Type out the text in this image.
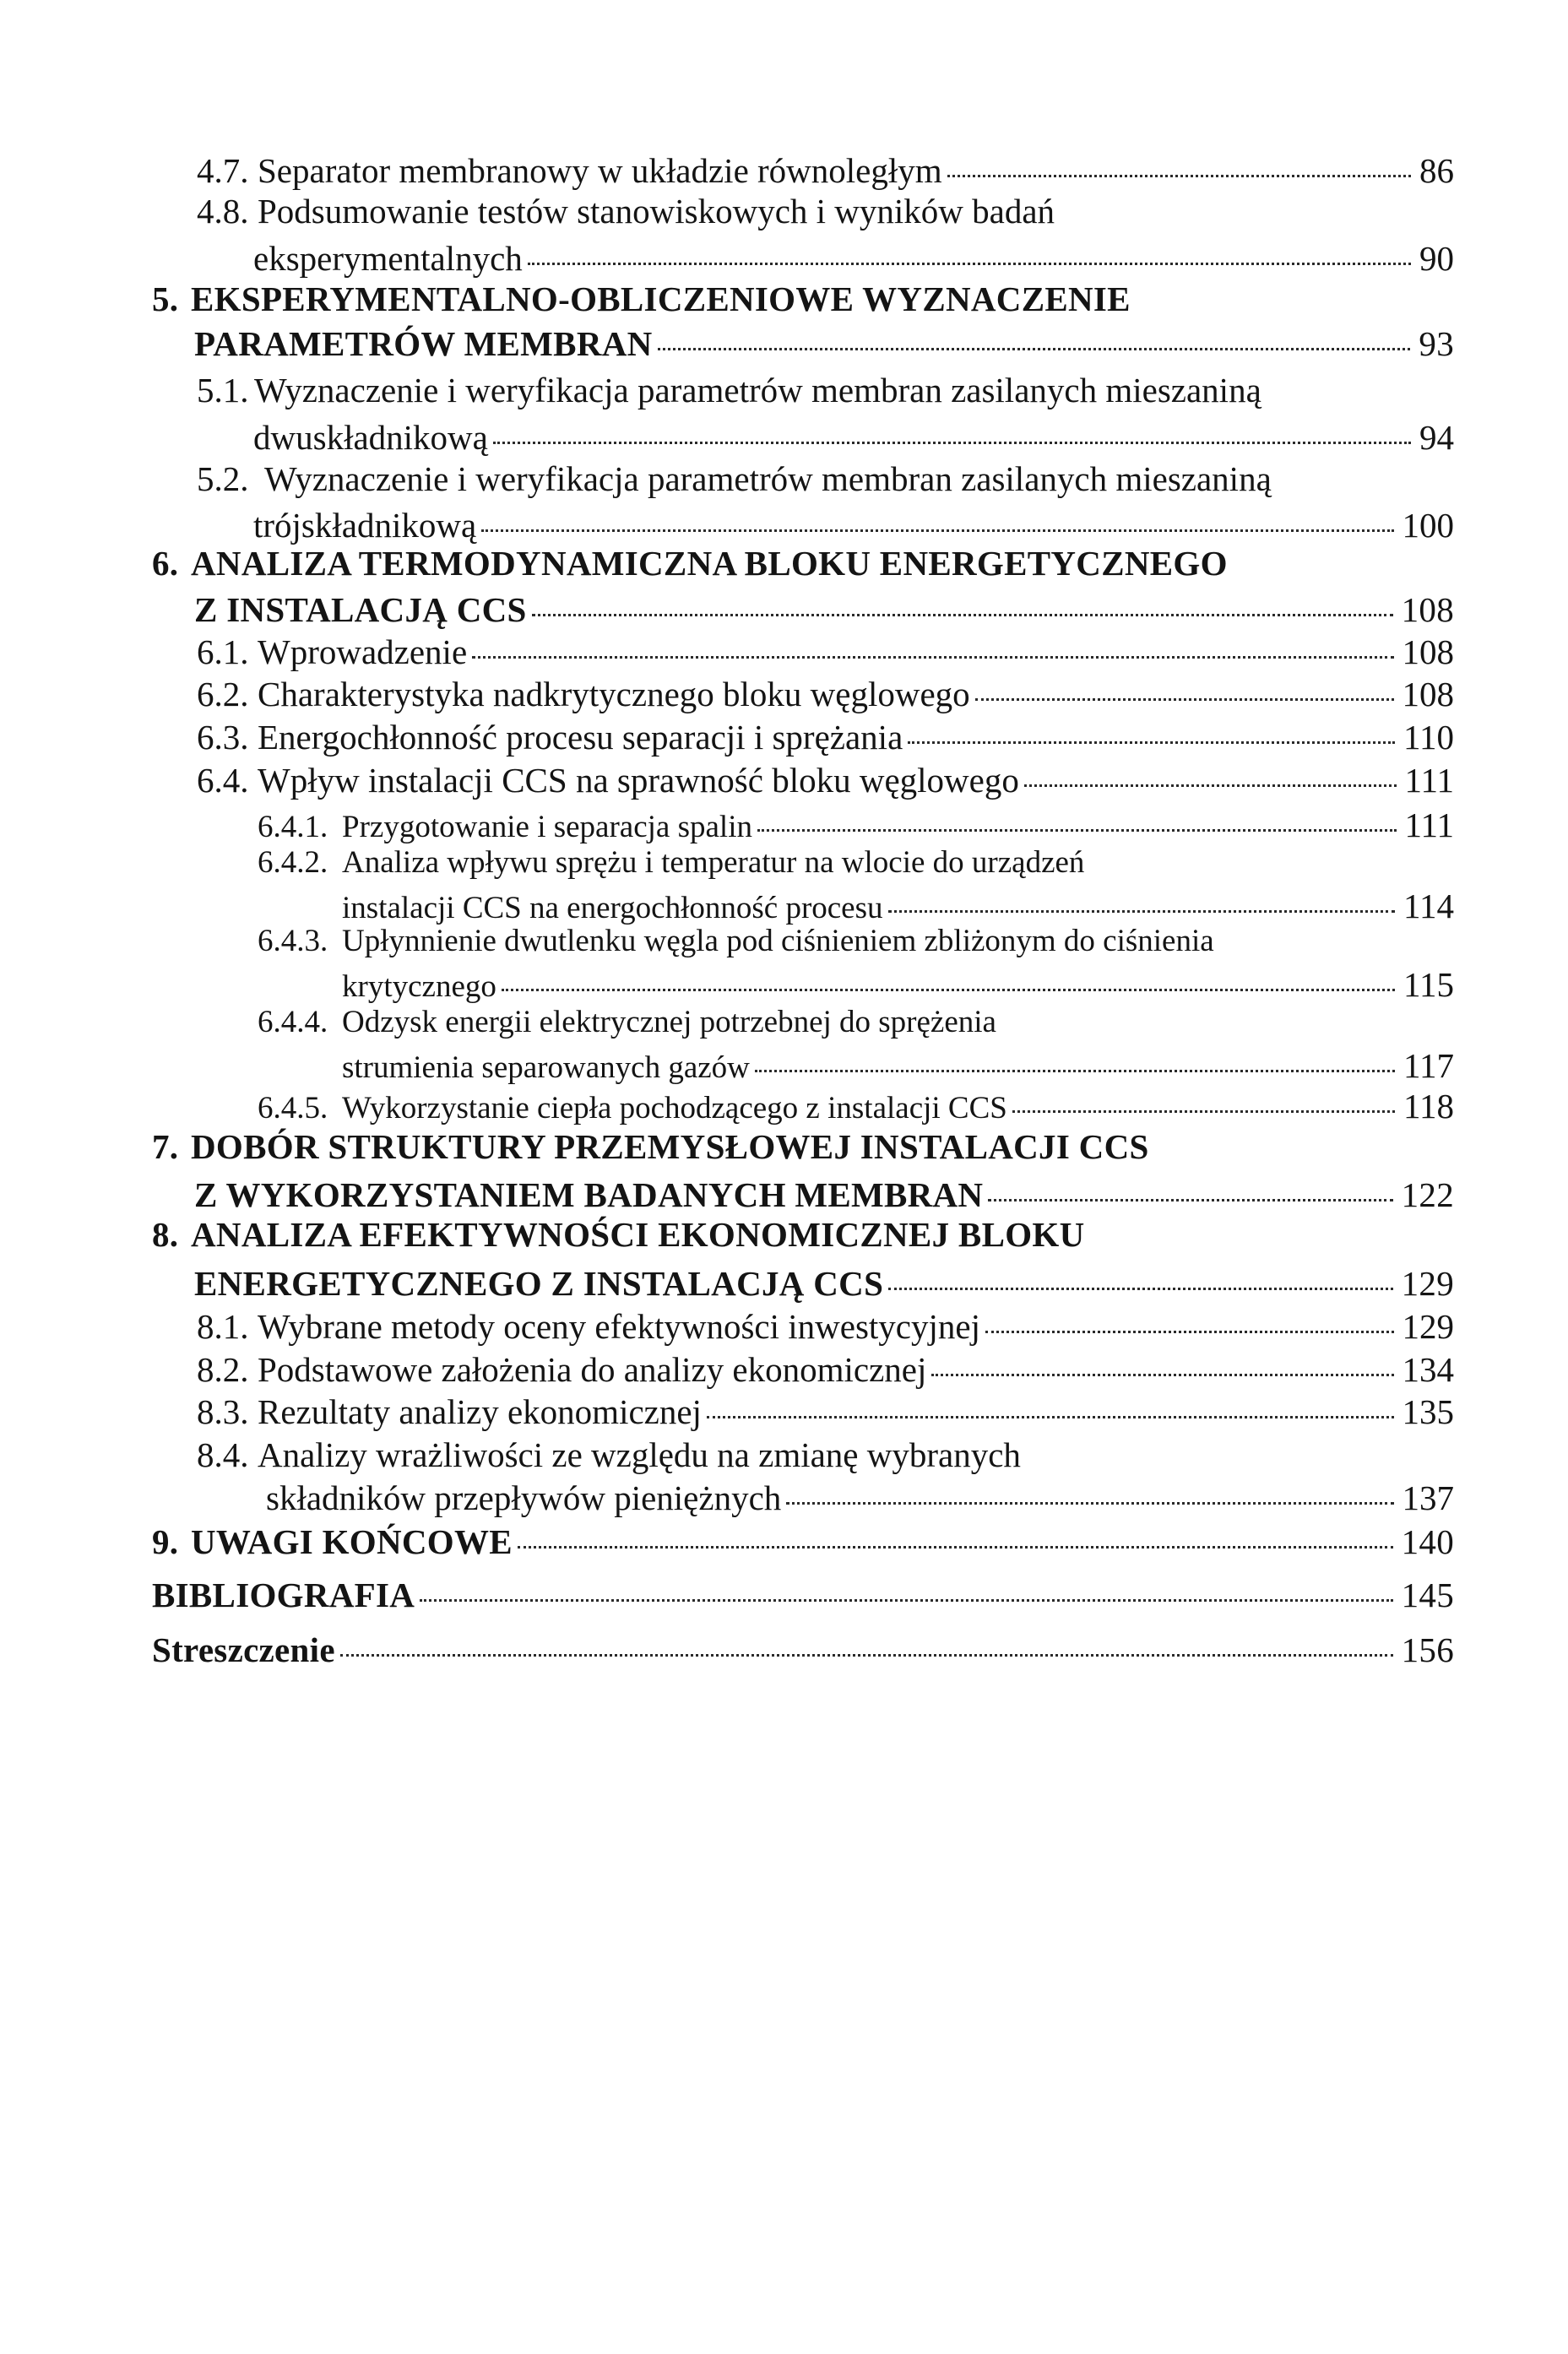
4.7. Separator membranowy w układzie równoległym	86
4.8. Podsumowanie testów stanowiskowych i wyników badań
eksperymentalnych	90
5. EKSPERYMENTALNO-OBLICZENIOWE WYZNACZENIE
PARAMETRÓW MEMBRAN	93
5.1. Wyznaczenie i weryfikacja parametrów membran zasilanych mieszaniną
dwuskładnikową	94
5.2. Wyznaczenie i weryfikacja parametrów membran zasilanych mieszaniną
trójskładnikową	100
6. ANALIZA TERMODYNAMICZNA BLOKU ENERGETYCZNEGO
Z INSTALACJĄ CCS	108
6.1. Wprowadzenie	108
6.2. Charakterystyka nadkrytycznego bloku węglowego	108
6.3. Energochłonność procesu separacji i sprężania	110
6.4. Wpływ instalacji CCS na sprawność bloku węglowego	111
6.4.1. Przygotowanie i separacja spalin	111
6.4.2. Analiza wpływu sprężu i temperatur na wlocie do urządzeń
instalacji CCS na energochłonność procesu	114
6.4.3. Upłynnienie dwutlenku węgla pod ciśnieniem zbliżonym do ciśnienia
krytycznego	115
6.4.4. Odzysk energii elektrycznej potrzebnej do sprężenia
strumienia separowanych gazów	117
6.4.5. Wykorzystanie ciepła pochodzącego z instalacji CCS	118
7. DOBÓR STRUKTURY PRZEMYSŁOWEJ INSTALACJI CCS
Z WYKORZYSTANIEM BADANYCH MEMBRAN	122
8. ANALIZA EFEKTYWNOŚCI EKONOMICZNEJ BLOKU
ENERGETYCZNEGO Z INSTALACJĄ CCS	129
8.1. Wybrane metody oceny efektywności inwestycyjnej	129
8.2. Podstawowe założenia do analizy ekonomicznej	134
8.3. Rezultaty analizy ekonomicznej	135
8.4. Analizy wrażliwości ze względu na zmianę wybranych
składników przepływów pieniężnych	137
9. UWAGI KOŃCOWE	140
BIBLIOGRAFIA	145
Streszczenie	156
